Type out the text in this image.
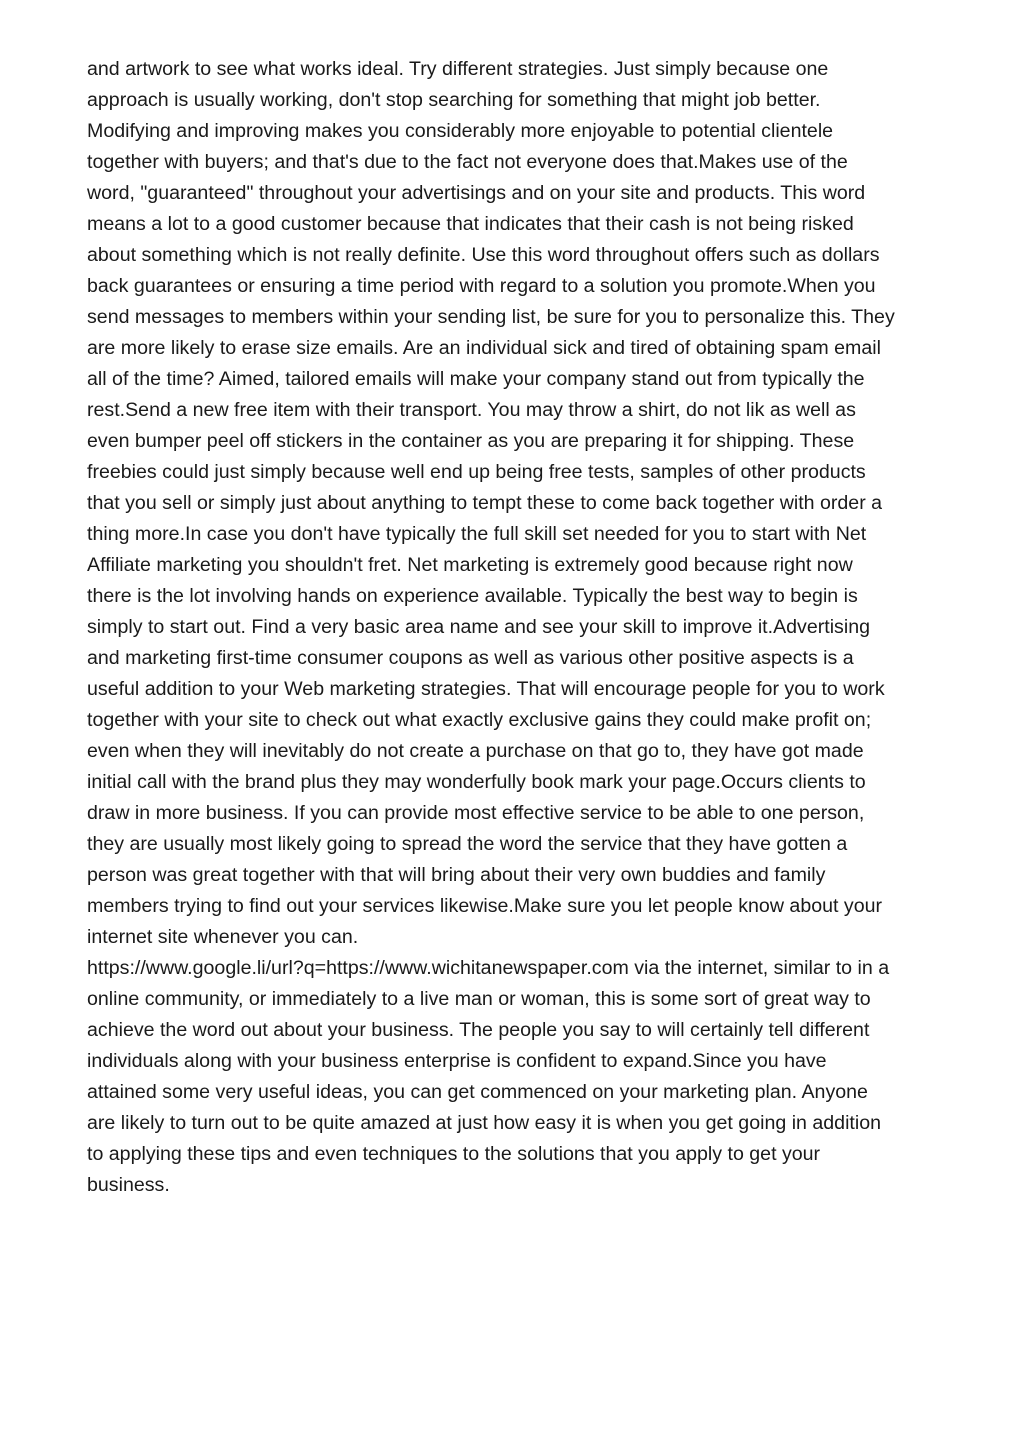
and artwork to see what works ideal. Try different strategies. Just simply because one
approach is usually working, don't stop searching for something that might job better.
Modifying and improving makes you considerably more enjoyable to potential clientele
together with buyers; and that's due to the fact not everyone does that.Makes use of the
word, "guaranteed" throughout your advertisings and on your site and products. This word
means a lot to a good customer because that indicates that their cash is not being risked
about something which is not really definite. Use this word throughout offers such as dollars
back guarantees or ensuring a time period with regard to a solution you promote.When you
send messages to members within your sending list, be sure for you to personalize this. They
are more likely to erase size emails. Are an individual sick and tired of obtaining spam email
all of the time? Aimed, tailored emails will make your company stand out from typically the
rest.Send a new free item with their transport. You may throw a shirt, do not lik as well as
even bumper peel off stickers in the container as you are preparing it for shipping. These
freebies could just simply because well end up being free tests, samples of other products
that you sell or simply just about anything to tempt these to come back together with order a
thing more.In case you don't have typically the full skill set needed for you to start with Net
Affiliate marketing you shouldn't fret. Net marketing is extremely good because right now
there is the lot involving hands on experience available. Typically the best way to begin is
simply to start out. Find a very basic area name and see your skill to improve it.Advertising
and marketing first-time consumer coupons as well as various other positive aspects is a
useful addition to your Web marketing strategies. That will encourage people for you to work
together with your site to check out what exactly exclusive gains they could make profit on;
even when they will inevitably do not create a purchase on that go to, they have got made
initial call with the brand plus they may wonderfully book mark your page.Occurs clients to
draw in more business. If you can provide most effective service to be able to one person,
they are usually most likely going to spread the word the service that they have gotten a
person was great together with that will bring about their very own buddies and family
members trying to find out your services likewise.Make sure you let people know about your
internet site whenever you can.
https://www.google.li/url?q=https://www.wichitanewspaper.com via the internet, similar to in a
online community, or immediately to a live man or woman, this is some sort of great way to
achieve the word out about your business. The people you say to will certainly tell different
individuals along with your business enterprise is confident to expand.Since you have
attained some very useful ideas, you can get commenced on your marketing plan. Anyone
are likely to turn out to be quite amazed at just how easy it is when you get going in addition
to applying these tips and even techniques to the solutions that you apply to get your
business.
